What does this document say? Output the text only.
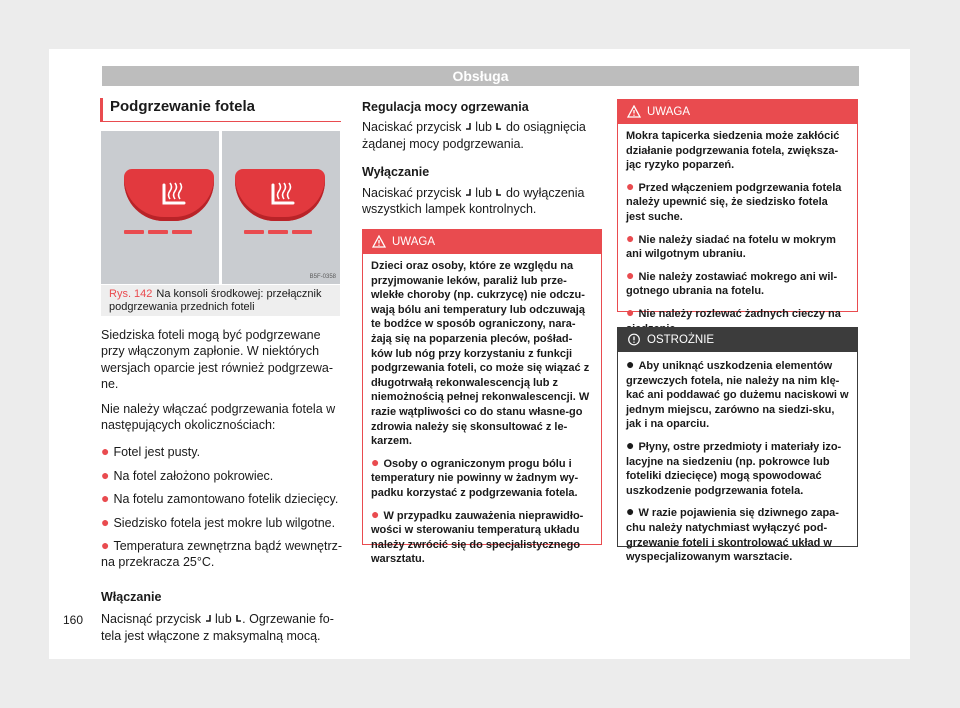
Obsługa
Podgrzewanie fotela
B5F-0358
Rys. 142 Na konsoli środkowej: przełącznik podgrzewania przednich foteli

Siedziska foteli mogą być podgrzewane przy włączonym zapłonie. W niektórych wersjach oparcie jest również podgrzewa-ne.

Nie należy włączać podgrzewania fotela w następujących okolicznościach:

● Fotel jest pusty.
● Na fotel założono pokrowiec.
● Na fotelu zamontowano fotelik dziecięcy.
● Siedzisko fotela jest mokre lub wilgotne.
● Temperatura zewnętrzna bądź wewnętrz-na przekracza 25°C.
Włączanie

Nacisnąć przycisk lub . Ogrzewanie fo-tela jest włączone z maksymalną mocą.

Regulacja mocy ogrzewania

Naciskać przycisk lub do osiągnięcia żądanej mocy podgrzewania.

Wyłączanie

Naciskać przycisk lub do wyłączenia wszystkich lampek kontrolnych.

UWAGA

Dzieci oraz osoby, które ze względu na przyjmowanie leków, paraliż lub prze-wlekłe choroby (np. cukrzycę) nie odczu-wają bólu ani temperatury lub odczuwają te bodźce w sposób ograniczony, nara-żają się na poparzenia pleców, pośład-ków lub nóg przy korzystaniu z funkcji podgrzewania foteli, co może się wiązać z długotrwałą rekonwalescencją lub z niemożnością pełnej rekonwalescencji. W razie wątpliwości co do stanu własne-go zdrowia należy się skonsultować z le-karzem.

● Osoby o ograniczonym progu bólu i temperatury nie powinny w żadnym wy-padku korzystać z podgrzewania fotela.
● W przypadku zauważenia nieprawidło-wości w sterowaniu temperaturą układu należy zwrócić się do specjalistycznego warsztatu.
UWAGA

Mokra tapicerka siedzenia może zakłócić działanie podgrzewania fotela, zwiększa-jąc ryzyko poparzeń.

● Przed włączeniem podgrzewania fotela należy upewnić się, że siedzisko fotela jest suche.
● Nie należy siadać na fotelu w mokrym ani wilgotnym ubraniu.
● Nie należy zostawiać mokrego ani wil-gotnego ubrania na fotelu.
● Nie należy rozlewać żadnych cieczy na
OSTROŻNIE
● Aby uniknąć uszkodzenia elementów grzewczych fotela, nie należy na nim klę-kać ani poddawać go dużemu naciskowi w jednym miejscu, zarówno na siedzi-sku, jak i na oparciu.
● Płyny, ostre przedmioty i materiały izo-lacyjne na siedzeniu (np. pokrowce lub foteliki dziecięce) mogą spowodować uszkodzenie podgrzewania fotela.
● W razie pojawienia się dziwnego zapa-chu należy natychmiast wyłączyć pod-grzewanie foteli i skontrolować układ w wyspecjalizowanym warsztacie.
160
